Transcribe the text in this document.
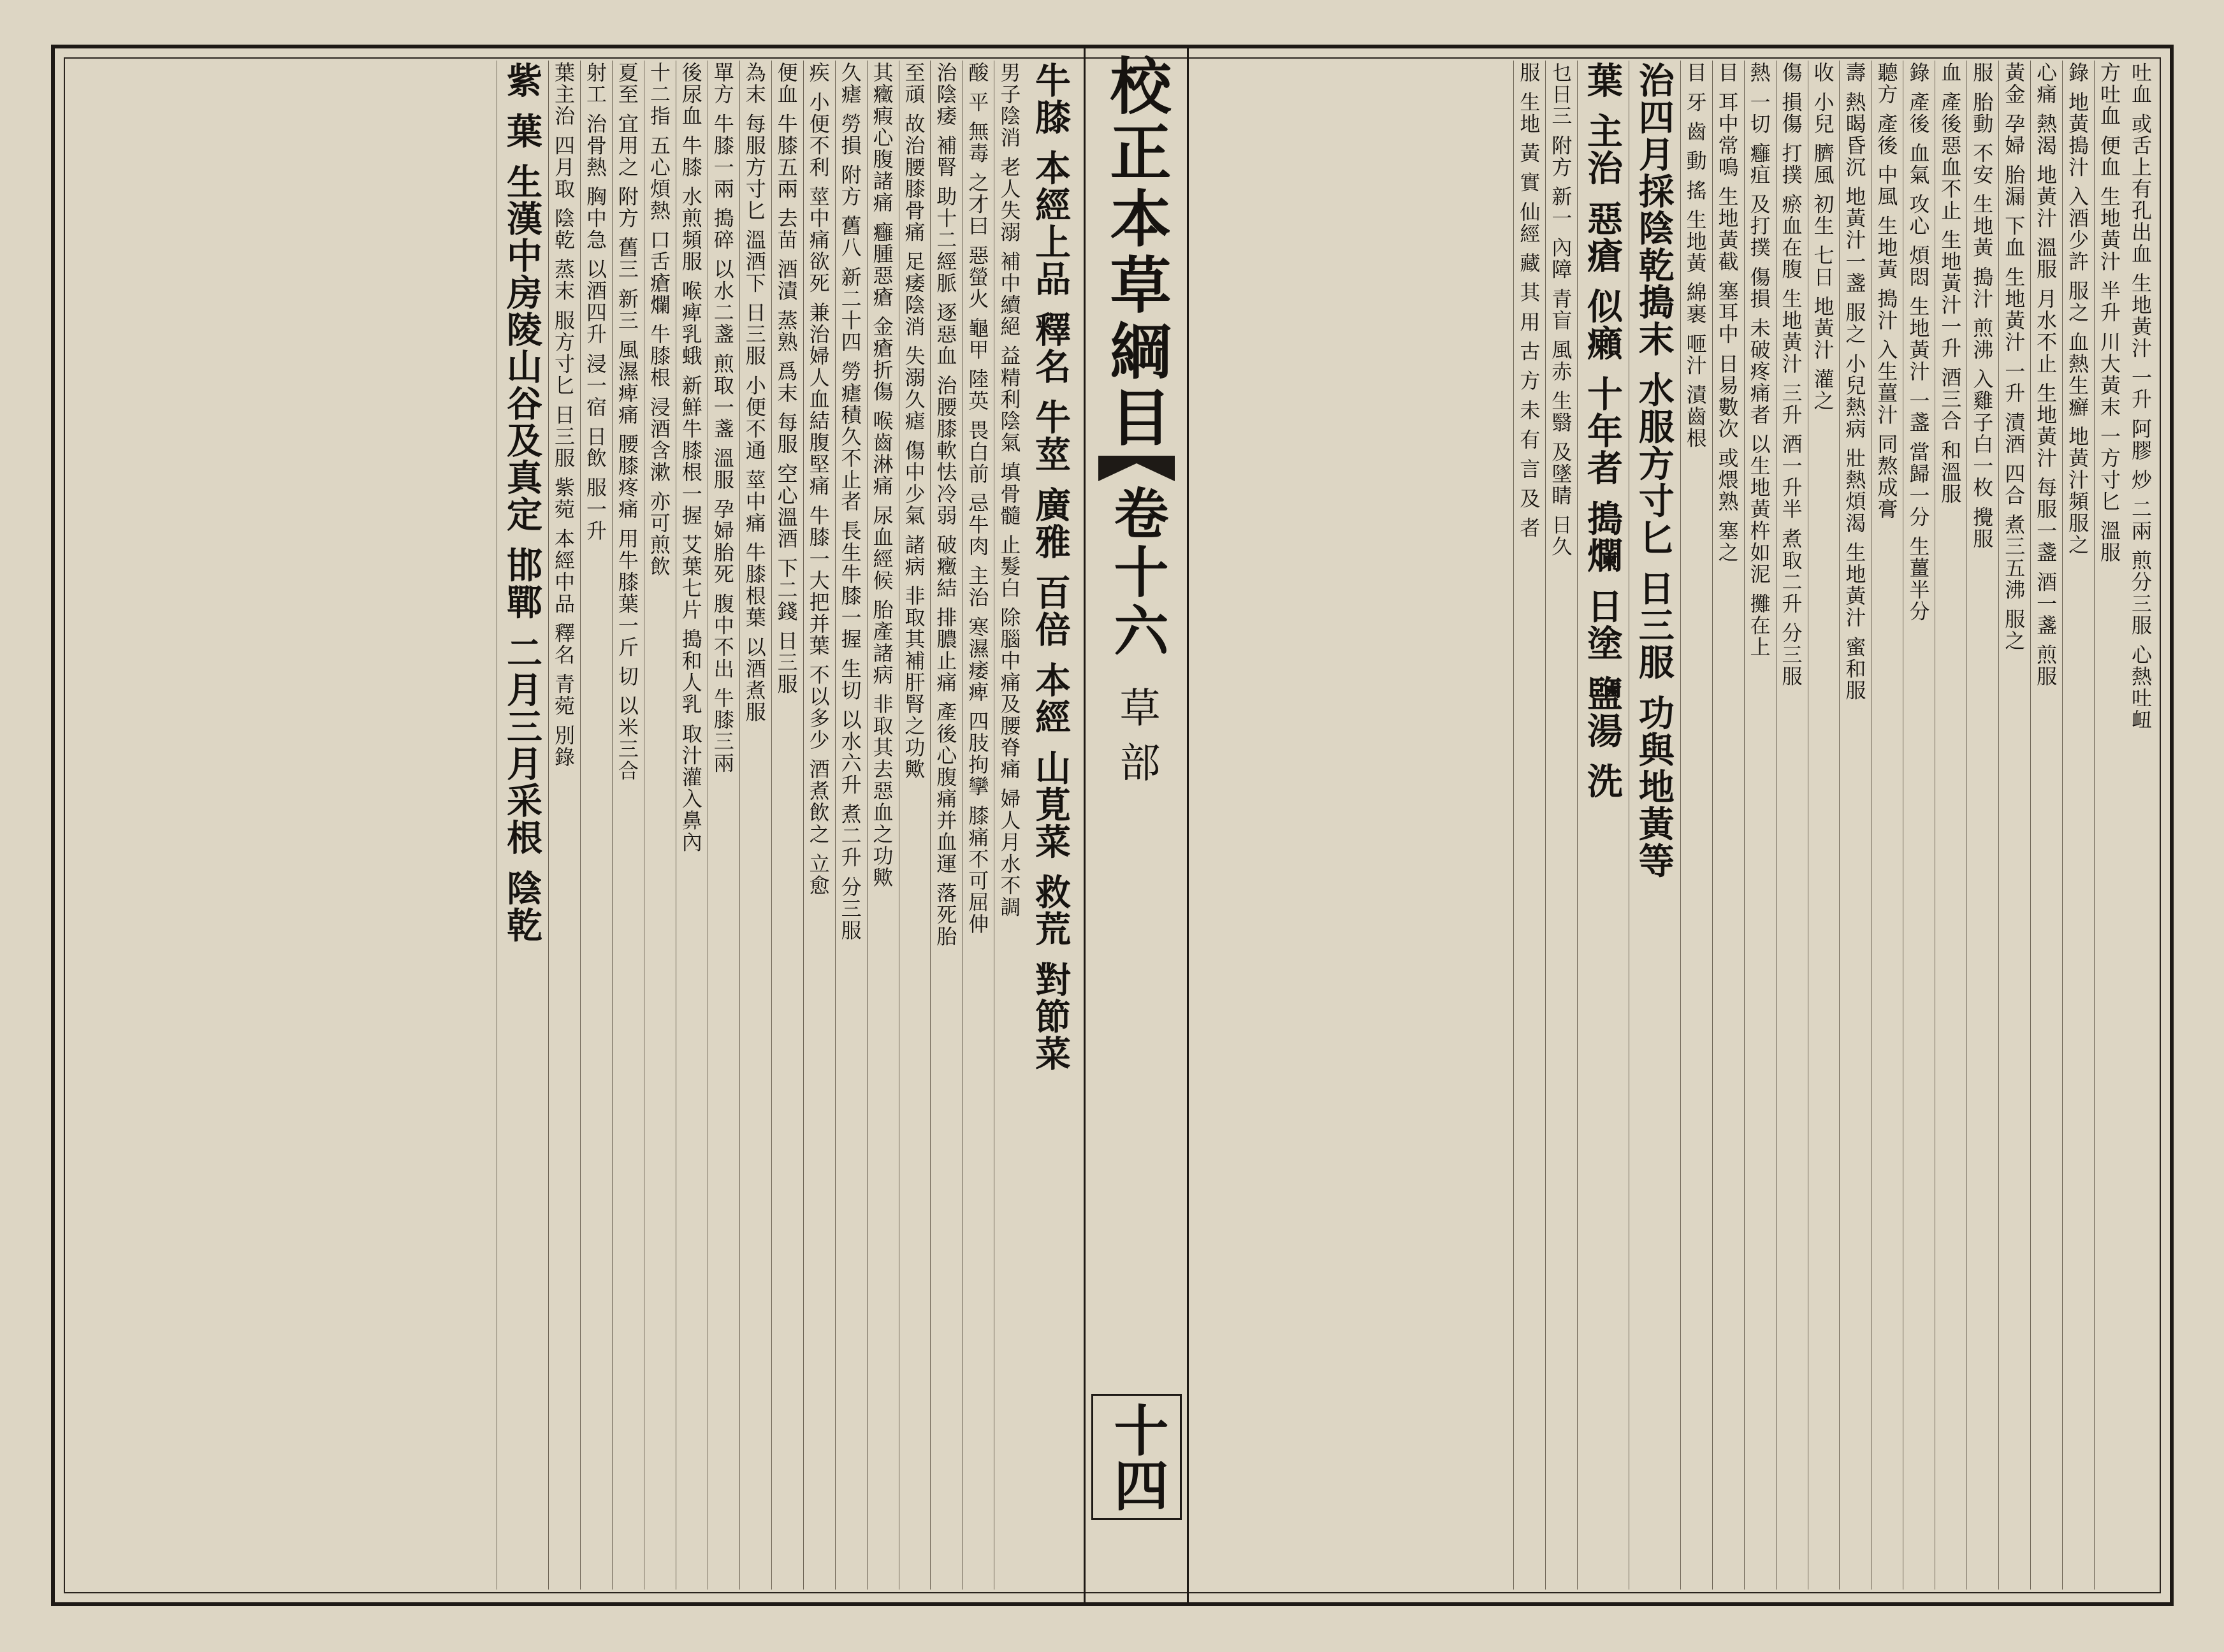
牛膝 本經上品 釋名 牛莖 廣雅 百倍 本經 山莧菜 救荒 對節菜
男子陰消 老人失溺 補中續絕 益精利陰氣 填骨髓 止髮白 除腦中痛及腰脊痛 婦人月水不調
酸 平 無毒 之才曰 惡螢火 龜甲 陸英 畏白前 忌牛肉 主治 寒濕痿痺 四肢拘攣 膝痛不可屈伸
治陰痿 補腎 助十二經脈 逐惡血 治腰膝軟怯冷弱 破癥結 排膿止痛 產後心腹痛并血運 落死胎
至頑 故治腰膝骨痛 足痿陰消 失溺久瘧 傷中少氣 諸病 非取其補肝腎之功歟
其癥瘕心腹諸痛 癰腫惡瘡 金瘡折傷 喉齒淋痛 尿血經候 胎產諸病 非取其去惡血之功歟
久瘧 勞損 附方 舊八 新二十四 勞瘧積久不止者 長生牛膝一握 生切 以水六升 煮二升 分三服
疾 小便不利 莖中痛欲死 兼治婦人血結腹堅痛 牛膝一大把并葉 不以多少 酒煮飲之 立愈
便血 牛膝五兩 去苗 酒漬 蒸熟 爲末 每服 空心溫酒 下二錢 日三服
為末 每服方寸匕 溫酒下 日三服 小便不通 莖中痛 牛膝根葉 以酒煮服
單方 牛膝一兩 搗碎 以水二盞 煎取一盞 溫服 孕婦胎死 腹中不出 牛膝三兩
後尿血 牛膝 水煎頻服 喉痺乳蛾 新鮮牛膝根一握 艾葉七片 搗和人乳 取汁灌入鼻內
十二指 五心煩熱 口舌瘡爛 牛膝根 浸酒含漱 亦可煎飲
夏至 宜用之 附方 舊三 新三 風濕痺痛 腰膝疼痛 用牛膝葉一斤 切 以米三合
射工 治骨熱 胸中急 以酒四升 浸一宿 日飲 服一升
葉主治 四月取 陰乾 蒸末 服方寸匕 日三服 紫菀 本經中品 釋名 青菀 別錄
紫 葉 生漢中房陵山谷及真定 邯鄲 二月三月采根 陰乾	校正本草綱目
卷十六
草部
十四
吐血 或舌上有孔出血 生地黃汁 一升 阿膠 炒 二兩 煎分三服 心熱吐衄
方吐血 便血 生地黃汁 半升 川大黃末 一方寸匕 溫服
錄 地黃搗汁 入酒少許 服之 血熱生癬 地黃汁頻服之
心痛 熱渴 地黃汁 溫服 月水不止 生地黃汁 每服一盞 酒一盞 煎服
黃金 孕婦 胎漏 下血 生地黃汁 一升 漬酒 四合 煮三五沸 服之
服 胎動 不安 生地黃 搗汁 煎沸 入雞子白一枚 攪服
血 產後惡血不止 生地黃汁一升 酒三合 和溫服
錄 產後 血氣 攻心 煩悶 生地黃汁 一盞 當歸一分 生薑半分
聽方 產後 中風 生地黃 搗汁 入生薑汁 同熬成膏
壽 熱暍昏沉 地黃汁一盞 服之 小兒熱病 壯熱煩渴 生地黃汁 蜜和服
收 小兒 臍風 初生 七日 地黃汁 灌之
傷 損傷 打撲 瘀血在腹 生地黃汁 三升 酒一升半 煮取二升 分三服
熱 一切 癰疽 及打撲 傷損 未破疼痛者 以生地黃杵如泥 攤在上
目 耳中常鳴 生地黃截 塞耳中 日易數次 或煨熟 塞之
目 牙 齒 動 搖 生地黃 綿裹 咂汁 漬齒根
治四月採陰乾搗末 水服方寸匕 日三服 功與地黃等
葉 主治 惡瘡 似癩 十年者 搗爛 日塗 鹽湯 洗
乜日三 附方 新一 內障 青盲 風赤 生翳 及墜睛 日久
服 生地 黃 實 仙經 藏 其 用 古 方 未 有 言 及 者
